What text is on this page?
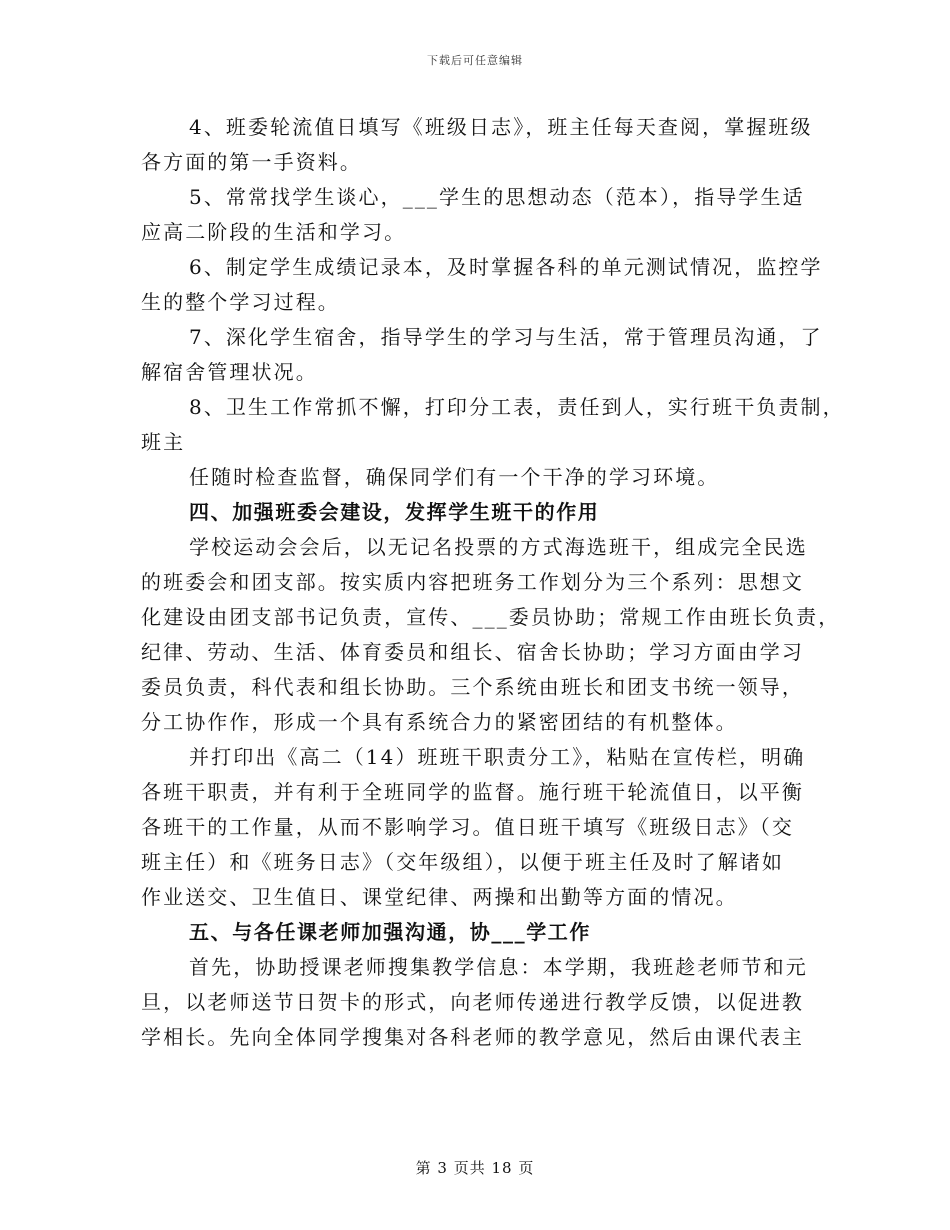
下载后可任意编辑
4、班委轮流值日填写《班级日志》，班主任每天查阅，掌握班级
各方面的第一手资料。
5、常常找学生谈心，___学生的思想动态（范本），指导学生适
应高二阶段的生活和学习。
6、制定学生成绩记录本，及时掌握各科的单元测试情况，监控学
生的整个学习过程。
7、深化学生宿舍，指导学生的学习与生活，常于管理员沟通，了
解宿舍管理状况。
8、卫生工作常抓不懈，打印分工表，责任到人，实行班干负责制，
班主
任随时检查监督，确保同学们有一个干净的学习环境。
四、加强班委会建设，发挥学生班干的作用
学校运动会会后，以无记名投票的方式海选班干，组成完全民选
的班委会和团支部。按实质内容把班务工作划分为三个系列：思想文
化建设由团支部书记负责，宣传、___委员协助；常规工作由班长负责，
纪律、劳动、生活、体育委员和组长、宿舍长协助；学习方面由学习
委员负责，科代表和组长协助。三个系统由班长和团支书统一领导，
分工协作作，形成一个具有系统合力的紧密团结的有机整体。
并打印出《高二（14）班班干职责分工》，粘贴在宣传栏，明确
各班干职责，并有利于全班同学的监督。施行班干轮流值日，以平衡
各班干的工作量，从而不影响学习。值日班干填写《班级日志》（交
班主任）和《班务日志》（交年级组），以便于班主任及时了解诸如
作业送交、卫生值日、课堂纪律、两操和出勤等方面的情况。
五、与各任课老师加强沟通，协___学工作
首先，协助授课老师搜集教学信息：本学期，我班趁老师节和元
旦，以老师送节日贺卡的形式，向老师传递进行教学反馈，以促进教
学相长。先向全体同学搜集对各科老师的教学意见，然后由课代表主
第 3 页共 18 页
